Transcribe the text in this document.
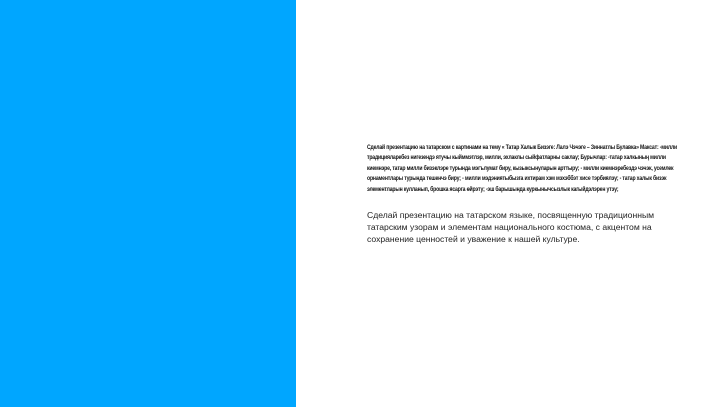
Сделай презентацию на татарском с картинами на тему « Татар Халык Бизэге: Лалэ Чэчэге – Зиннатлы Булавка» Максат: -милли традицияларебез нигезендэ ятучы кыйммэтлэр, милли, эхлаклы сыйфатларны саклау; Бурычлар: -татар халкының милли киемнэре, татар милли бизэклэре турында мэгълумат биру, кызыксынуларын арттыру; - милли киемнэребездэ чэчэк, усемлек орнаментлары турында тешенчэ биру; - милли мэдэниятыбызга ихтирам хэм мэхэббэт хисе тэрбиялэу; - татар халык бизэк элементларын кулланып, брошка ясарга өйрэту; -эш барышында куркынычсызлык кагыйдэлэрен утэу;

Сделай презентацию на татарском языке, посвященную традиционным татарским узорам и элементам национального костюма, с акцентом на сохранение ценностей и уважение к нашей культуре.
